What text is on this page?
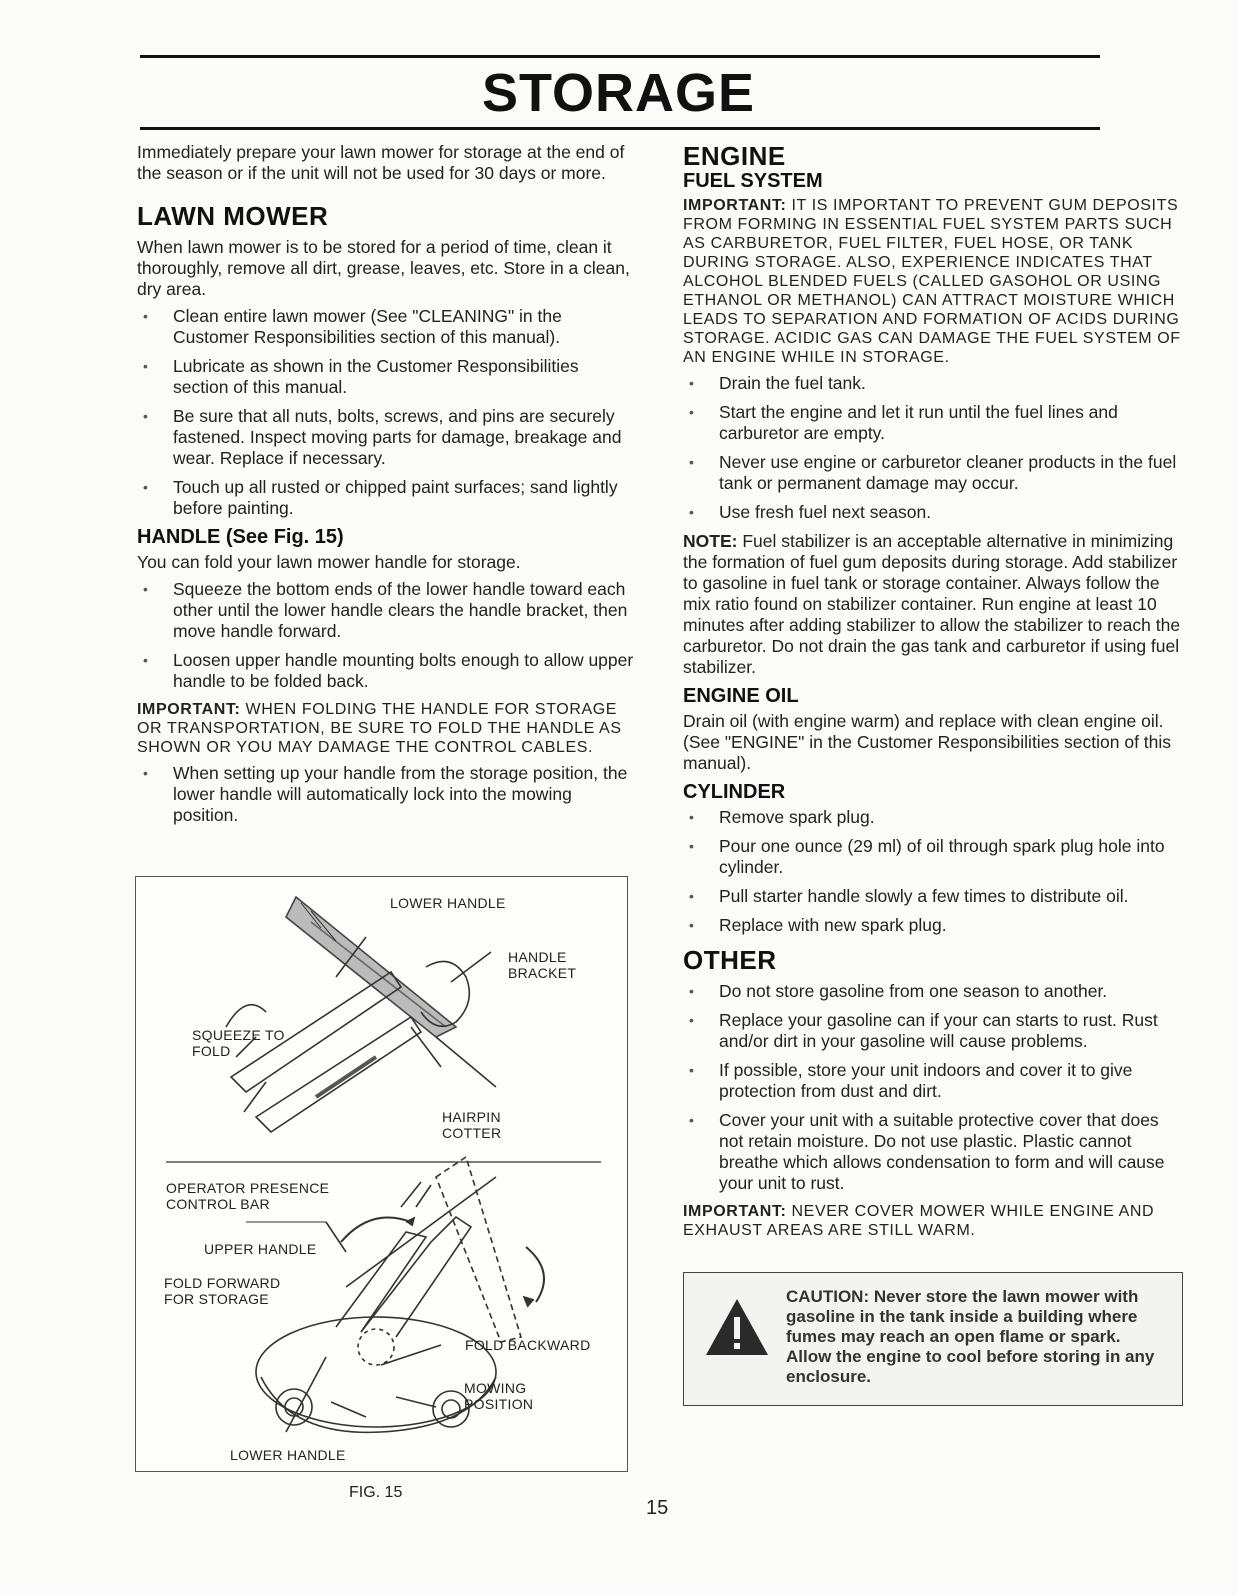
STORAGE

Immediately prepare your lawn mower for storage at the end of the season or if the unit will not be used for 30 days or more.

LAWN MOWER

When lawn mower is to be stored for a period of time, clean it thoroughly, remove all dirt, grease, leaves, etc. Store in a clean, dry area.

• Clean entire lawn mower (See "CLEANING" in the Customer Responsibilities section of this manual).
• Lubricate as shown in the Customer Responsibilities section of this manual.
• Be sure that all nuts, bolts, screws, and pins are securely fastened. Inspect moving parts for damage, breakage and wear. Replace if necessary.
• Touch up all rusted or chipped paint surfaces; sand lightly before painting.
HANDLE (See Fig. 15)

You can fold your lawn mower handle for storage.

• Squeeze the bottom ends of the lower handle toward each other until the lower handle clears the handle bracket, then move handle forward.
• Loosen upper handle mounting bolts enough to allow upper handle to be folded back.

IMPORTANT: WHEN FOLDING THE HANDLE FOR STORAGE OR TRANSPORTATION, BE SURE TO FOLD THE HANDLE AS SHOWN OR YOU MAY DAMAGE THE CONTROL CABLES.

• When setting up your handle from the storage position, the lower handle will automatically lock into the mowing position.
LOWER HANDLE
HANDLE BRACKET
SQUEEZE TO FOLD
HAIRPIN COTTER
OPERATOR PRESENCE CONTROL BAR
UPPER HANDLE
FOLD FORWARD FOR STORAGE
FOLD BACKWARD
MOWING POSITION
LOWER HANDLE
FIG. 15
ENGINE
FUEL SYSTEM

IMPORTANT: IT IS IMPORTANT TO PREVENT GUM DEPOSITS FROM FORMING IN ESSENTIAL FUEL SYSTEM PARTS SUCH AS CARBURETOR, FUEL FILTER, FUEL HOSE, OR TANK DURING STORAGE. ALSO, EXPERIENCE INDICATES THAT ALCOHOL BLENDED FUELS (CALLED GASOHOL OR USING ETHANOL OR METHANOL) CAN ATTRACT MOISTURE WHICH LEADS TO SEPARATION AND FORMATION OF ACIDS DURING STORAGE. ACIDIC GAS CAN DAMAGE THE FUEL SYSTEM OF AN ENGINE WHILE IN STORAGE.

• Drain the fuel tank.
• Start the engine and let it run until the fuel lines and carburetor are empty.
• Never use engine or carburetor cleaner products in the fuel tank or permanent damage may occur.
• Use fresh fuel next season.

NOTE: Fuel stabilizer is an acceptable alternative in minimizing the formation of fuel gum deposits during storage. Add stabilizer to gasoline in fuel tank or storage container. Always follow the mix ratio found on stabilizer container. Run engine at least 10 minutes after adding stabilizer to allow the stabilizer to reach the carburetor. Do not drain the gas tank and carburetor if using fuel stabilizer.

ENGINE OIL

Drain oil (with engine warm) and replace with clean engine oil. (See "ENGINE" in the Customer Responsibilities section of this manual).

CYLINDER
• Remove spark plug.
• Pour one ounce (29 ml) of oil through spark plug hole into cylinder.
• Pull starter handle slowly a few times to distribute oil.
• Replace with new spark plug.
OTHER
• Do not store gasoline from one season to another.
• Replace your gasoline can if your can starts to rust. Rust and/or dirt in your gasoline will cause problems.
• If possible, store your unit indoors and cover it to give protection from dust and dirt.
• Cover your unit with a suitable protective cover that does not retain moisture. Do not use plastic. Plastic cannot breathe which allows condensation to form and will cause your unit to rust.

IMPORTANT: NEVER COVER MOWER WHILE ENGINE AND EXHAUST AREAS ARE STILL WARM.

CAUTION: Never store the lawn mower with gasoline in the tank inside a building where fumes may reach an open flame or spark. Allow the engine to cool before storing in any enclosure.
15
